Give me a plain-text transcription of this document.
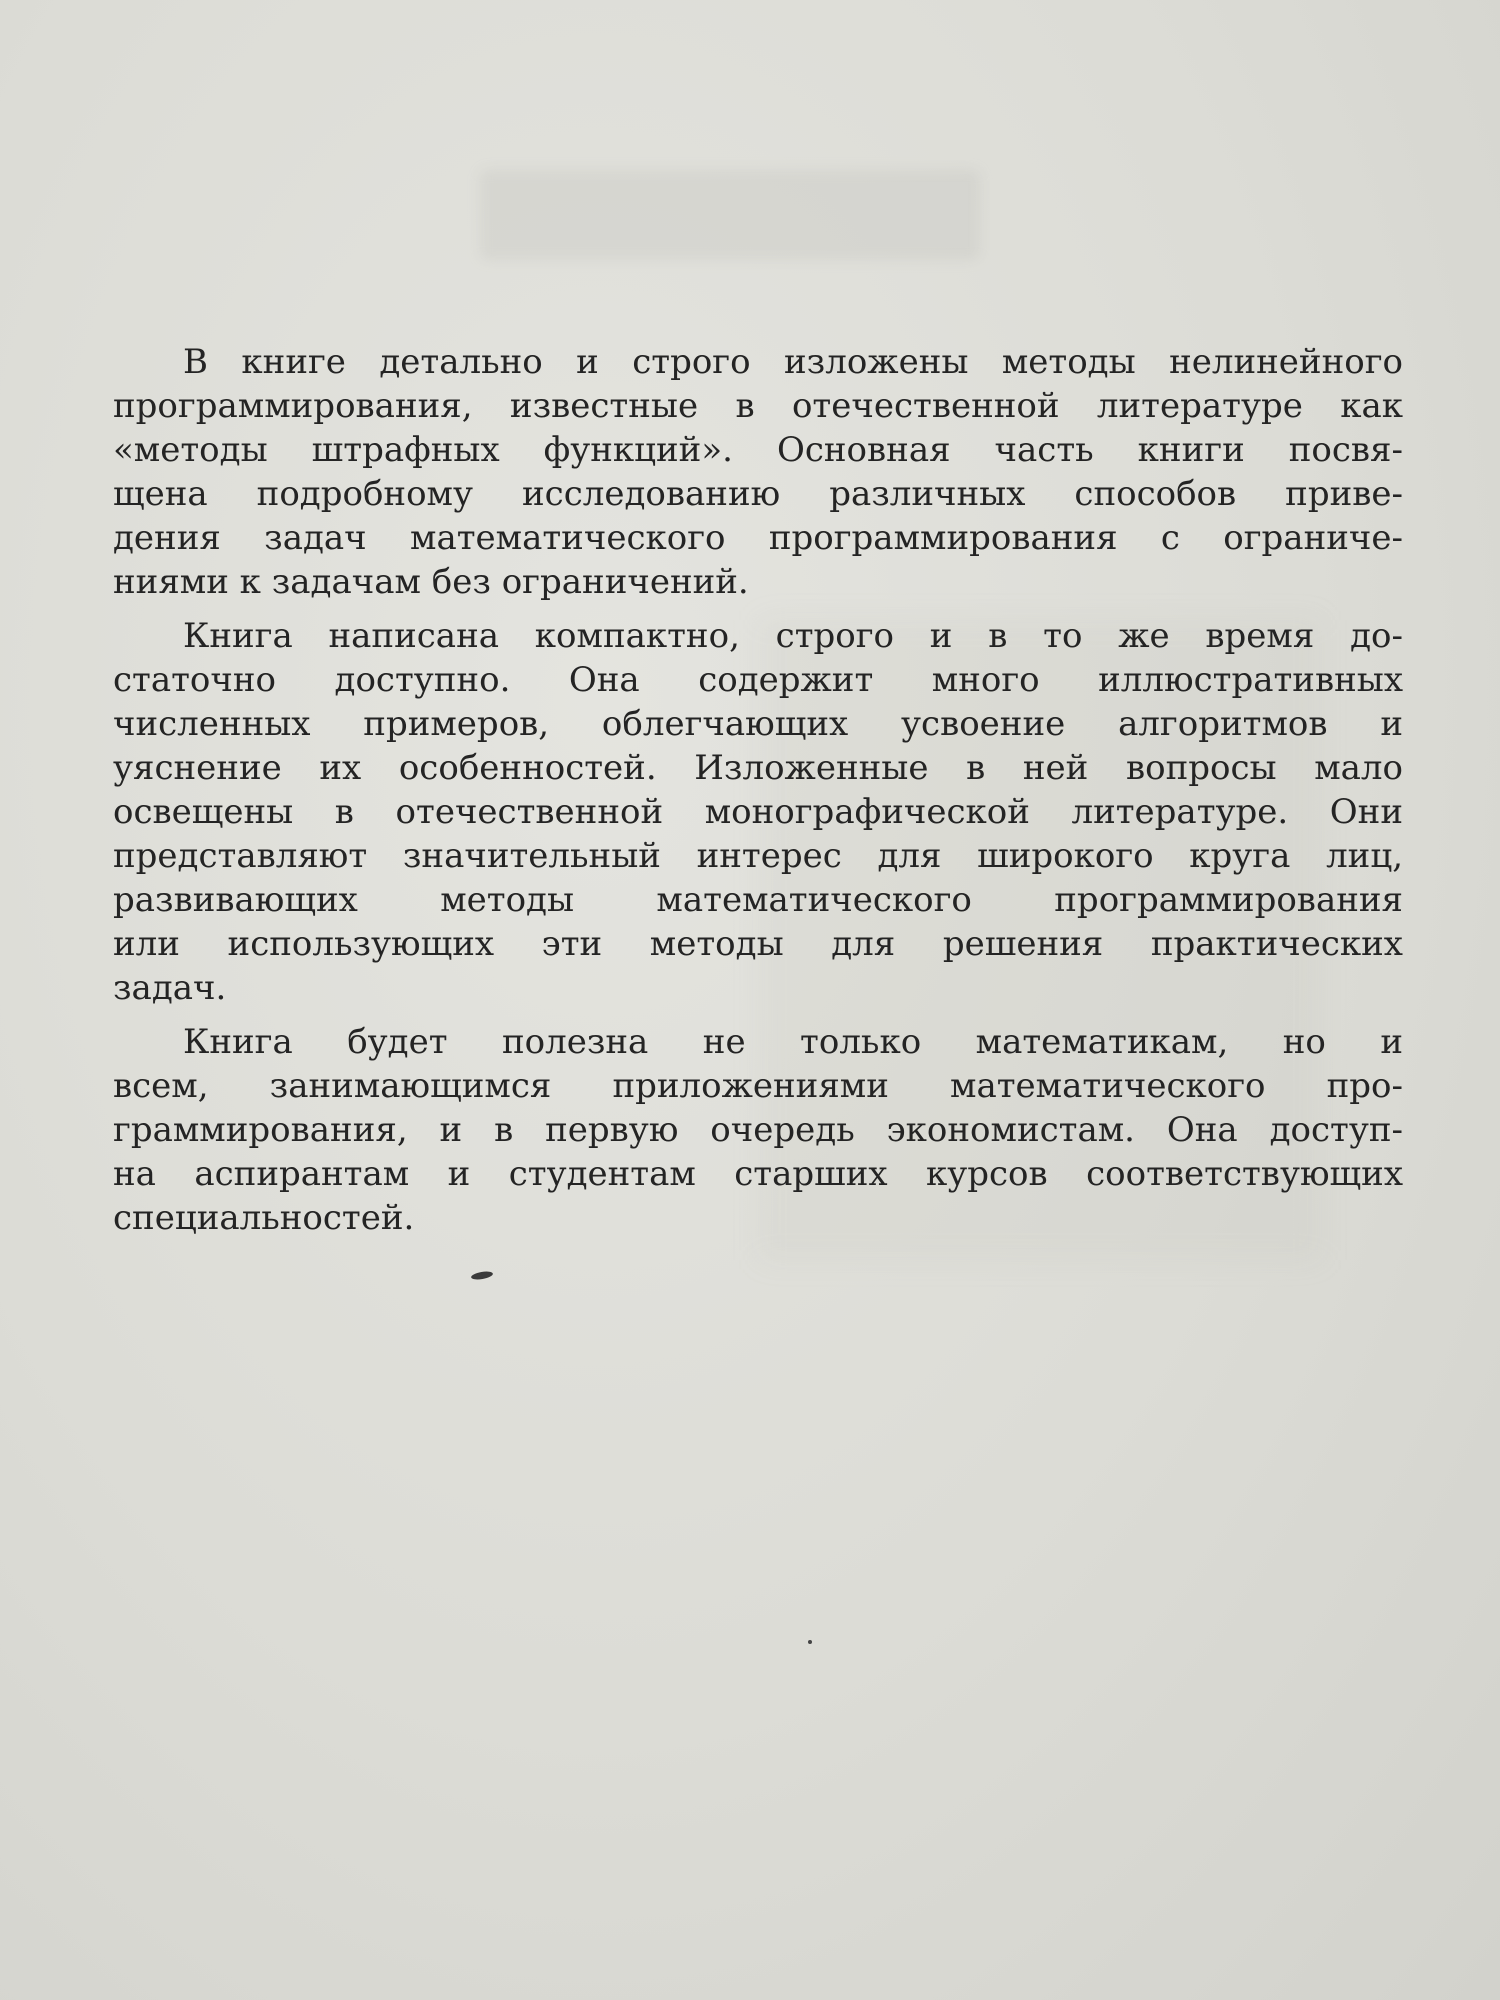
В книге детально и строго изложены методы нелинейного
программирования, известные в отечественной литературе как
«методы штрафных функций». Основная часть книги посвя-
щена подробному исследованию различных способов приве-
дения задач математического программирования с ограниче-
ниями к задачам без ограничений.

Книга написана компактно, строго и в то же время до-
статочно доступно. Она содержит много иллюстративных
численных примеров, облегчающих усвоение алгоритмов и
уяснение их особенностей. Изложенные в ней вопросы мало
освещены в отечественной монографической литературе. Они
представляют значительный интерес для широкого круга лиц,
развивающих методы математического программирования
или использующих эти методы для решения практических
задач.

Книга будет полезна не только математикам, но и
всем, занимающимся приложениями математического про-
граммирования, и в первую очередь экономистам. Она доступ-
на аспирантам и студентам старших курсов соответствующих
специальностей.
